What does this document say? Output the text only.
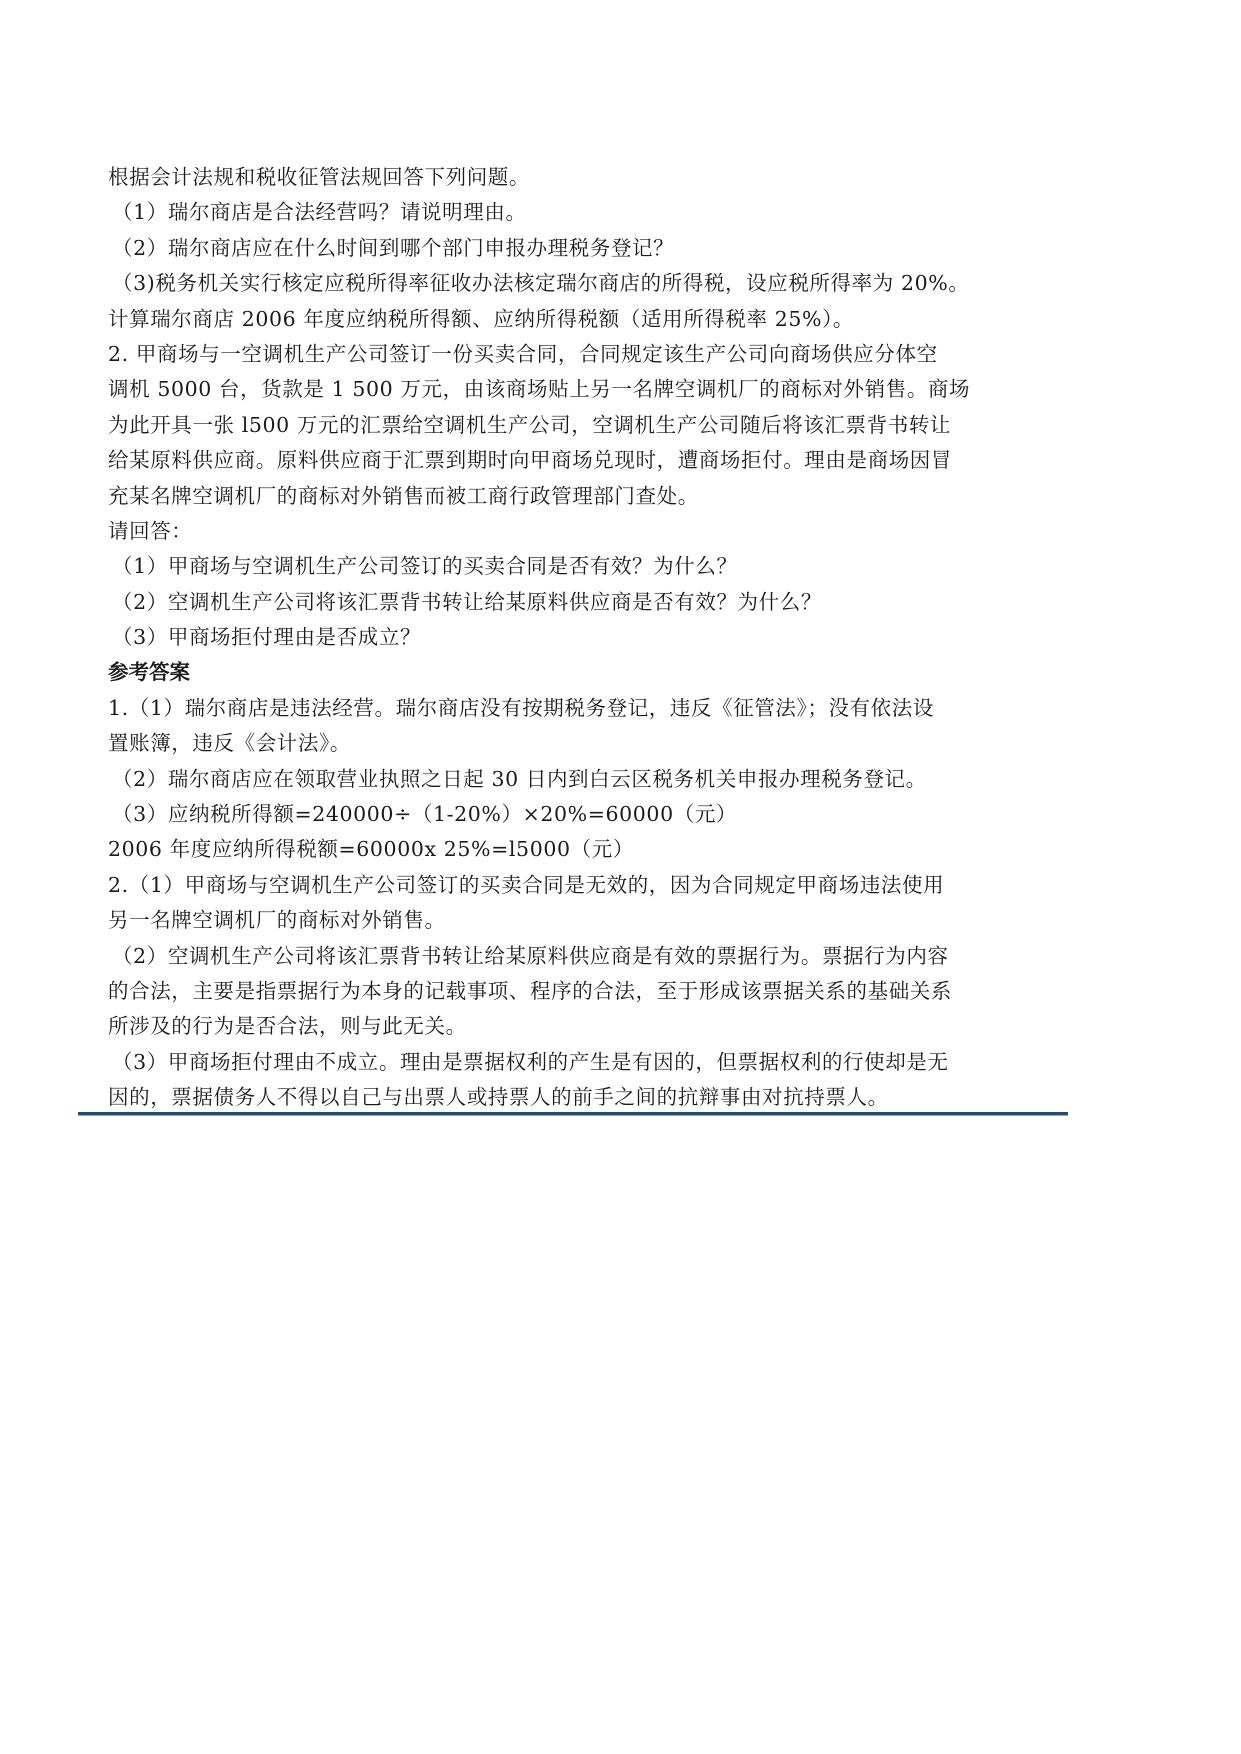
根据会计法规和税收征管法规回答下列问题。
（1）瑞尔商店是合法经营吗？请说明理由。
（2）瑞尔商店应在什么时间到哪个部门申报办理税务登记？
（3)税务机关实行核定应税所得率征收办法核定瑞尔商店的所得税，设应税所得率为 20%。
计算瑞尔商店 2006 年度应纳税所得额、应纳所得税额（适用所得税率 25%）。
2. 甲商场与一空调机生产公司签订一份买卖合同，合同规定该生产公司向商场供应分体空
调机 5000 台，货款是 1 500 万元，由该商场贴上另一名牌空调机厂的商标对外销售。商场
为此开具一张 l500 万元的汇票给空调机生产公司，空调机生产公司随后将该汇票背书转让
给某原料供应商。原料供应商于汇票到期时向甲商场兑现时，遭商场拒付。理由是商场因冒
充某名牌空调机厂的商标对外销售而被工商行政管理部门查处。
请回答：
（1）甲商场与空调机生产公司签订的买卖合同是否有效？为什么？
（2）空调机生产公司将该汇票背书转让给某原料供应商是否有效？为什么？
（3）甲商场拒付理由是否成立？
参考答案
1.（1）瑞尔商店是违法经营。瑞尔商店没有按期税务登记，违反《征管法》；没有依法设
置账簿，违反《会计法》。
（2）瑞尔商店应在领取营业执照之日起 30 日内到白云区税务机关申报办理税务登记。
（3）应纳税所得额=240000÷（1-20%）×20%=60000（元）
2006 年度应纳所得税额=60000x 25%=l5000（元）
2.（1）甲商场与空调机生产公司签订的买卖合同是无效的，因为合同规定甲商场违法使用
另一名牌空调机厂的商标对外销售。
（2）空调机生产公司将该汇票背书转让给某原料供应商是有效的票据行为。票据行为内容
的合法，主要是指票据行为本身的记载事项、程序的合法，至于形成该票据关系的基础关系
所涉及的行为是否合法，则与此无关。
（3）甲商场拒付理由不成立。理由是票据权利的产生是有因的，但票据权利的行使却是无
因的，票据债务人不得以自己与出票人或持票人的前手之间的抗辩事由对抗持票人。
